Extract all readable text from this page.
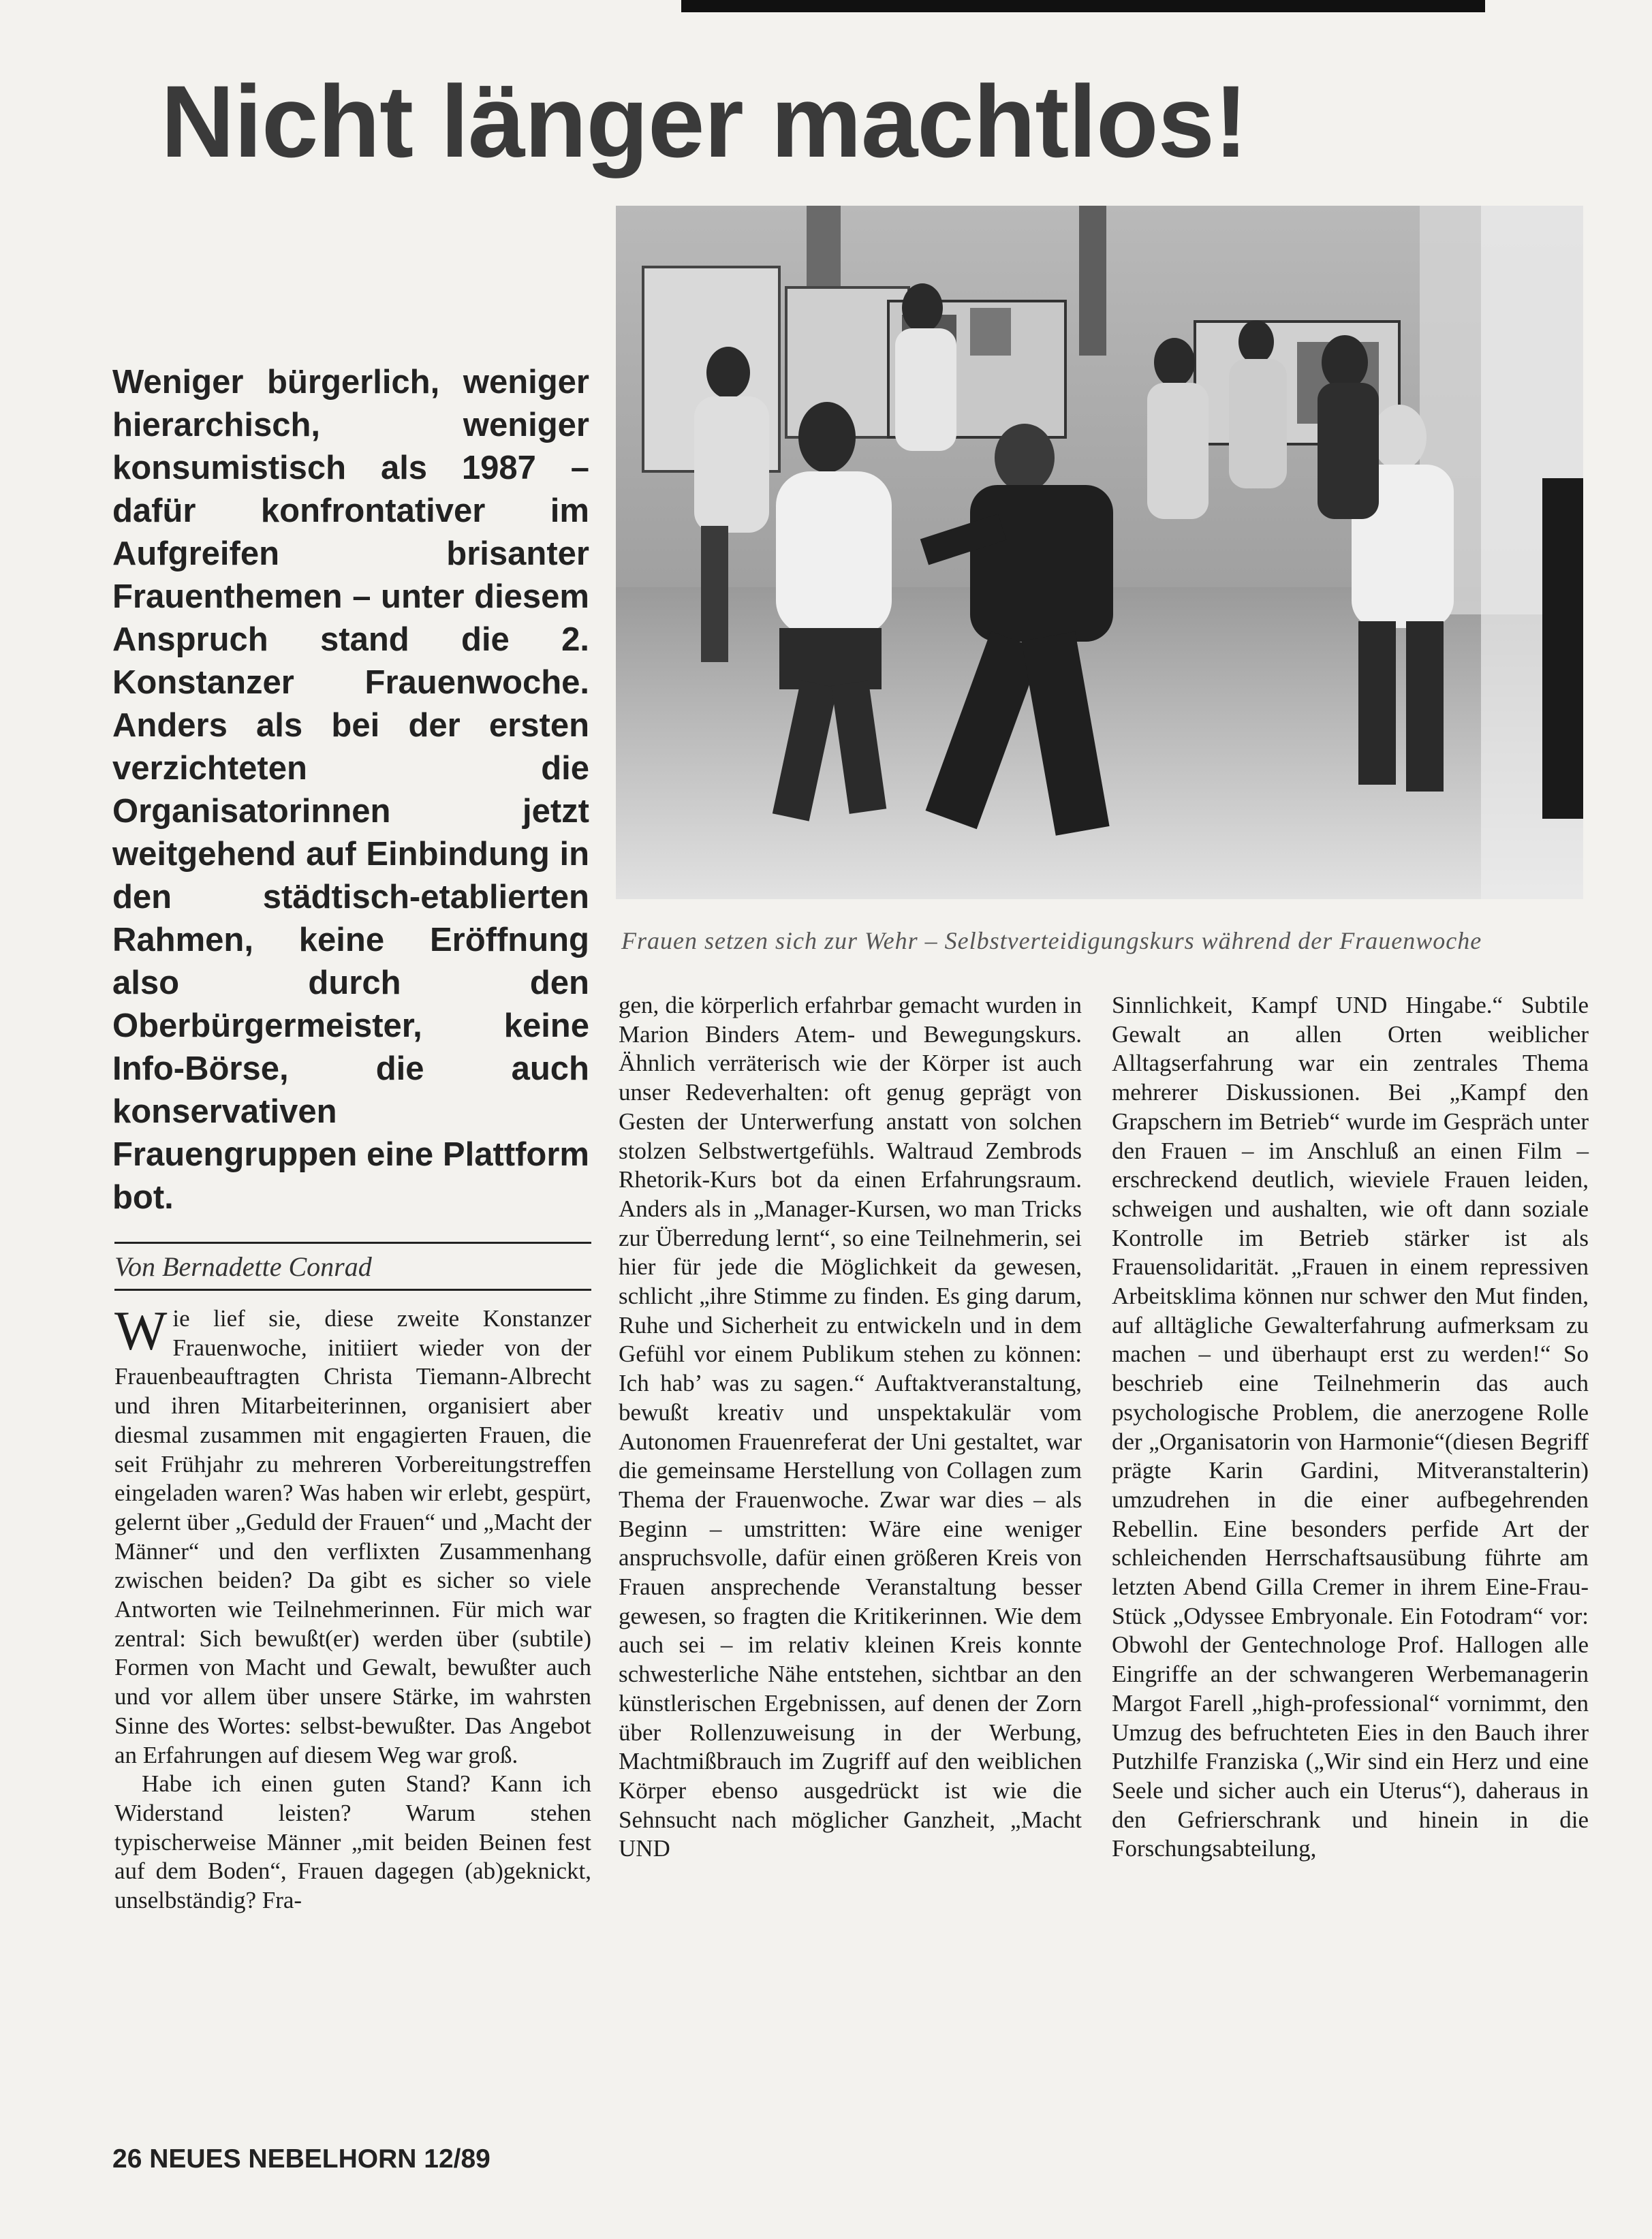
Nicht länger machtlos!
Weniger bürgerlich, weniger hierarchisch, weniger konsumistisch als 1987 – dafür konfrontativer im Aufgreifen brisanter Frauenthemen – unter diesem Anspruch stand die 2. Konstanzer Frauenwoche. Anders als bei der ersten verzichteten die Organisatorinnen jetzt weitgehend auf Einbindung in den städtisch-etablierten Rahmen, keine Eröffnung also durch den Oberbürgermeister, keine Info-Börse, die auch konservativen Frauengruppen eine Plattform bot.
Frauen setzen sich zur Wehr – Selbstverteidigungskurs während der Frauenwoche
Von Bernadette Conrad

Wie lief sie, diese zweite Konstanzer Frauenwoche, initiiert wieder von der Frauenbeauftragten Christa Tiemann-Albrecht und ihren Mitarbeiterinnen, organisiert aber diesmal zusammen mit engagierten Frauen, die seit Frühjahr zu mehreren Vorbereitungstreffen eingeladen waren? Was haben wir erlebt, gespürt, gelernt über „Geduld der Frauen“ und „Macht der Männer“ und den verflixten Zusammenhang zwischen beiden? Da gibt es sicher so viele Antworten wie Teilnehmerinnen. Für mich war zentral: Sich bewußt(er) werden über (subtile) Formen von Macht und Gewalt, bewußter auch und vor allem über unsere Stärke, im wahrsten Sinne des Wortes: selbst-bewußter. Das Angebot an Erfahrungen auf diesem Weg war groß.

Habe ich einen guten Stand? Kann ich Widerstand leisten? Warum stehen typischerweise Männer „mit beiden Beinen fest auf dem Boden“, Frauen dagegen (ab)geknickt, unselbständig? Fra-

gen, die körperlich erfahrbar gemacht wurden in Marion Binders Atem- und Bewegungskurs. Ähnlich verräterisch wie der Körper ist auch unser Redeverhalten: oft genug geprägt von Gesten der Unterwerfung anstatt von solchen stolzen Selbstwertgefühls. Waltraud Zembrods Rhetorik-Kurs bot da einen Erfahrungsraum. Anders als in „Manager-Kursen, wo man Tricks zur Überredung lernt“, so eine Teilnehmerin, sei hier für jede die Möglichkeit da gewesen, schlicht „ihre Stimme zu finden. Es ging darum, Ruhe und Sicherheit zu entwickeln und in dem Gefühl vor einem Publikum stehen zu können: Ich hab’ was zu sagen.“ Auftaktveranstaltung, bewußt kreativ und unspektakulär vom Autonomen Frauenreferat der Uni gestaltet, war die gemeinsame Herstellung von Collagen zum Thema der Frauenwoche. Zwar war dies – als Beginn – umstritten: Wäre eine weniger anspruchsvolle, dafür einen größeren Kreis von Frauen ansprechende Veranstaltung besser gewesen, so fragten die Kritikerinnen. Wie dem auch sei – im relativ kleinen Kreis konnte schwesterliche Nähe entstehen, sichtbar an den künstlerischen Ergebnissen, auf denen der Zorn über Rollenzuweisung in der Werbung, Machtmißbrauch im Zugriff auf den weiblichen Körper ebenso ausgedrückt ist wie die Sehnsucht nach möglicher Ganzheit, „Macht UND

Sinnlichkeit, Kampf UND Hingabe.“ Subtile Gewalt an allen Orten weiblicher Alltagserfahrung war ein zentrales Thema mehrerer Diskussionen. Bei „Kampf den Grapschern im Betrieb“ wurde im Gespräch unter den Frauen – im Anschluß an einen Film – erschreckend deutlich, wieviele Frauen leiden, schweigen und aushalten, wie oft dann soziale Kontrolle im Betrieb stärker ist als Frauensolidarität. „Frauen in einem repressiven Arbeitsklima können nur schwer den Mut finden, auf alltägliche Gewalterfahrung aufmerksam zu machen – und überhaupt erst zu werden!“ So beschrieb eine Teilnehmerin das auch psychologische Problem, die anerzogene Rolle der „Organisatorin von Harmonie“(diesen Begriff prägte Karin Gardini, Mitveranstalterin) umzudrehen in die einer aufbegehrenden Rebellin. Eine besonders perfide Art der schleichenden Herrschaftsausübung führte am letzten Abend Gilla Cremer in ihrem Eine-Frau-Stück „Odyssee Embryonale. Ein Fotodram“ vor: Obwohl der Gentechnologe Prof. Hallogen alle Eingriffe an der schwangeren Werbemanagerin Margot Farell „high-professional“ vornimmt, den Umzug des befruchteten Eies in den Bauch ihrer Putzhilfe Franziska („Wir sind ein Herz und eine Seele und sicher auch ein Uterus“), daheraus in den Gefrierschrank und hinein in die Forschungsabteilung,

26 NEUES NEBELHORN 12/89
